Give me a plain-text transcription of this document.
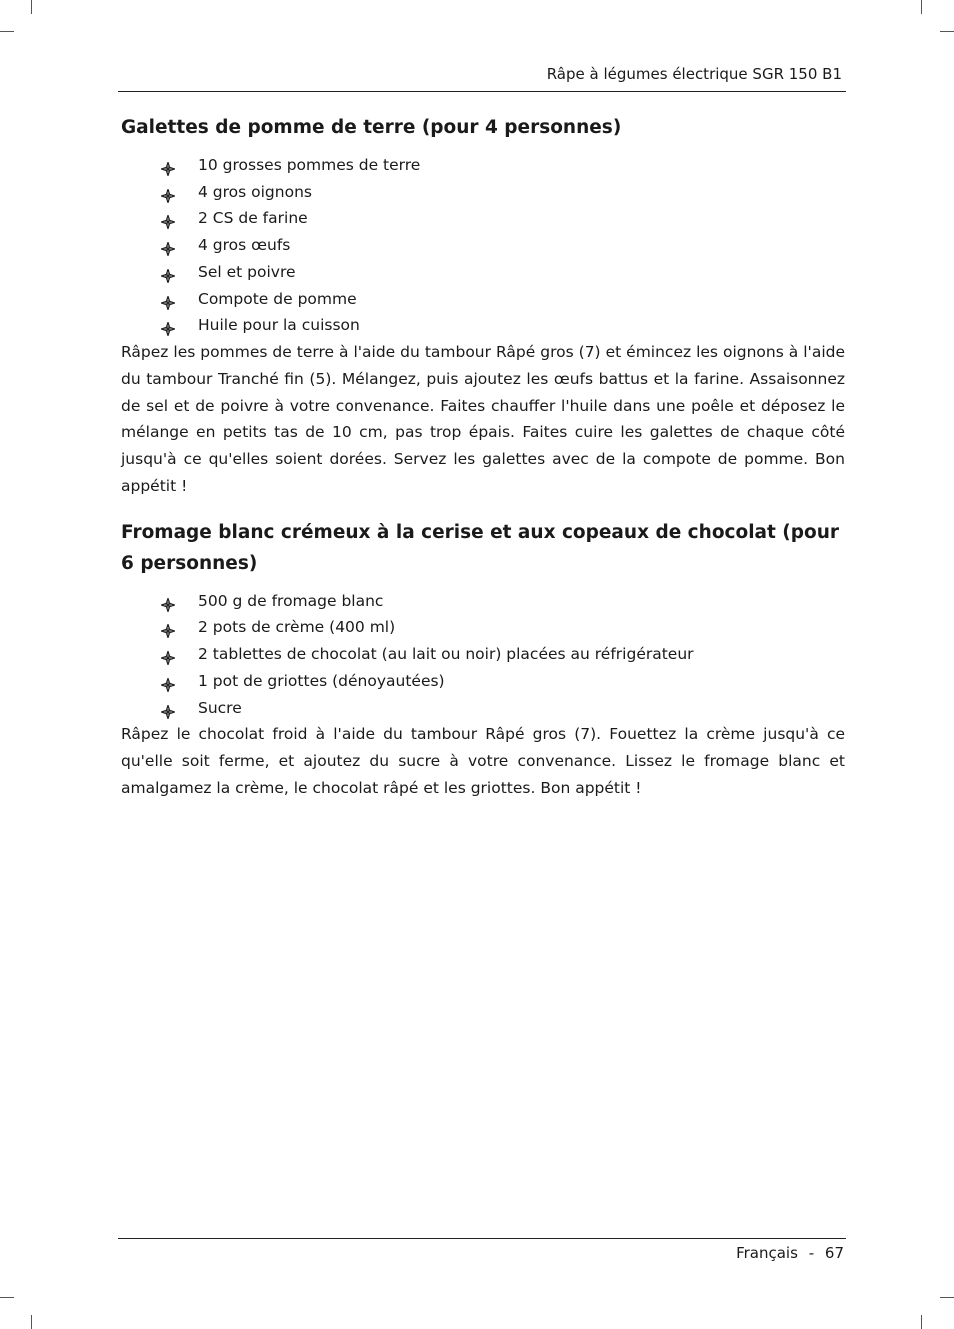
Râpe à légumes électrique SGR 150 B1
Galettes de pomme de terre (pour 4 personnes)
10 grosses pommes de terre
4 gros oignons
2 CS de farine
4 gros œufs
Sel et poivre
Compote de pomme
Huile pour la cuisson

Râpez les pommes de terre à l'aide du tambour Râpé gros (7) et émincez les oignons à l'aide du tambour Tranché fin (5). Mélangez, puis ajoutez les œufs battus et la farine. Assaisonnez de sel et de poivre à votre convenance. Faites chauffer l'huile dans une poêle et déposez le mélange en petits tas de 10 cm, pas trop épais. Faites cuire les galettes de chaque côté jusqu'à ce qu'elles soient dorées. Servez les galettes avec de la compote de pomme. Bon appétit !

Fromage blanc crémeux à la cerise et aux copeaux de chocolat (pour 6 personnes)
500 g de fromage blanc
2 pots de crème (400 ml)
2 tablettes de chocolat (au lait ou noir) placées au réfrigérateur
1 pot de griottes (dénoyautées)
Sucre

Râpez le chocolat froid à l'aide du tambour Râpé gros (7). Fouettez la crème jusqu'à ce qu'elle soit ferme, et ajoutez du sucre à votre convenance. Lissez le fromage blanc et amalgamez la crème, le chocolat râpé et les griottes. Bon appétit !

Français - 67
